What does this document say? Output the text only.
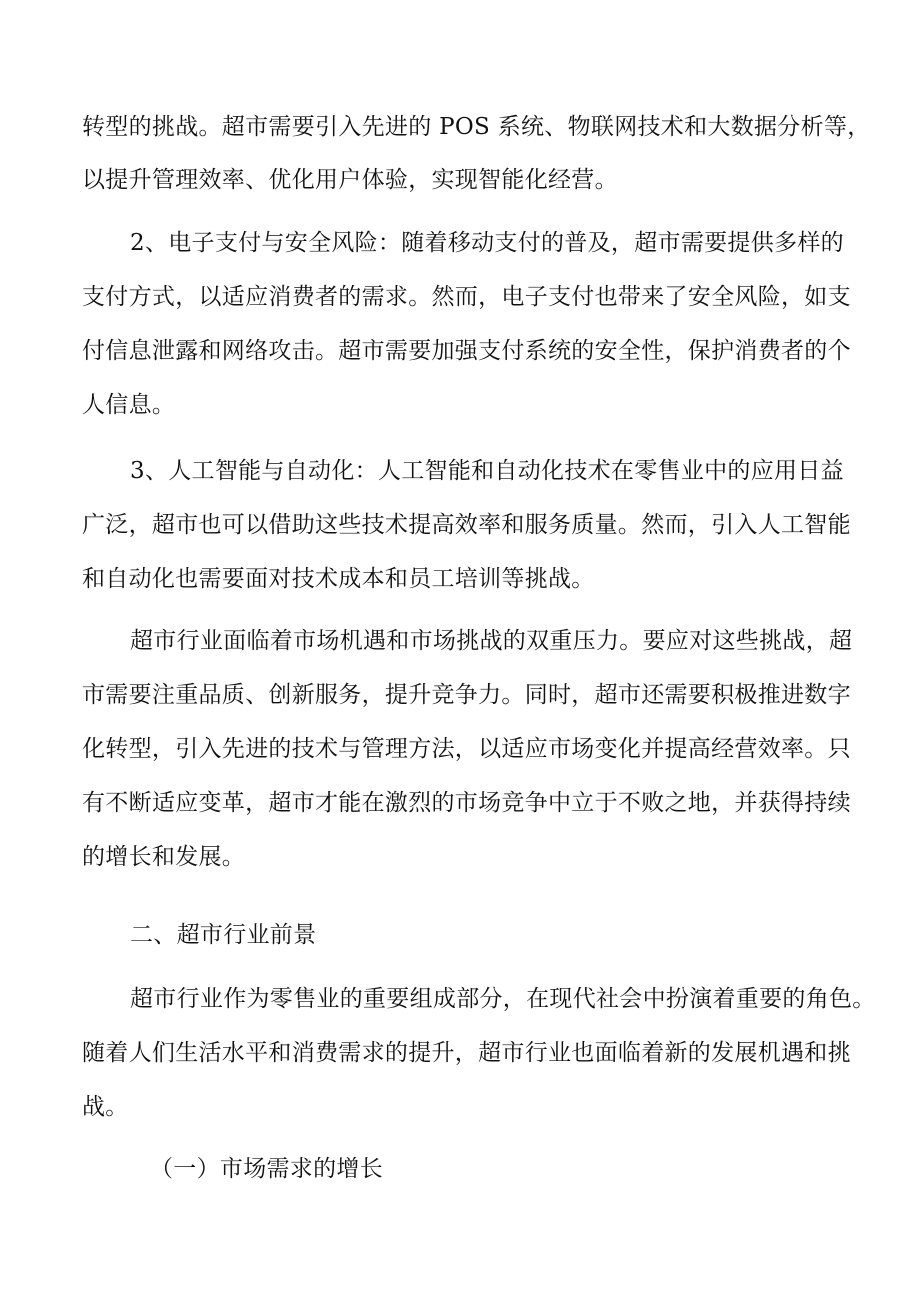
转型的挑战。超市需要引入先进的 POS 系统、物联网技术和大数据分析等，
以提升管理效率、优化用户体验，实现智能化经营。
2、电子支付与安全风险：随着移动支付的普及，超市需要提供多样的
支付方式，以适应消费者的需求。然而，电子支付也带来了安全风险，如支
付信息泄露和网络攻击。超市需要加强支付系统的安全性，保护消费者的个
人信息。
3、人工智能与自动化：人工智能和自动化技术在零售业中的应用日益
广泛，超市也可以借助这些技术提高效率和服务质量。然而，引入人工智能
和自动化也需要面对技术成本和员工培训等挑战。
超市行业面临着市场机遇和市场挑战的双重压力。要应对这些挑战，超
市需要注重品质、创新服务，提升竞争力。同时，超市还需要积极推进数字
化转型，引入先进的技术与管理方法，以适应市场变化并提高经营效率。只
有不断适应变革，超市才能在激烈的市场竞争中立于不败之地，并获得持续
的增长和发展。
二、超市行业前景
超市行业作为零售业的重要组成部分，在现代社会中扮演着重要的角色。
随着人们生活水平和消费需求的提升，超市行业也面临着新的发展机遇和挑
战。
（一）市场需求的增长
